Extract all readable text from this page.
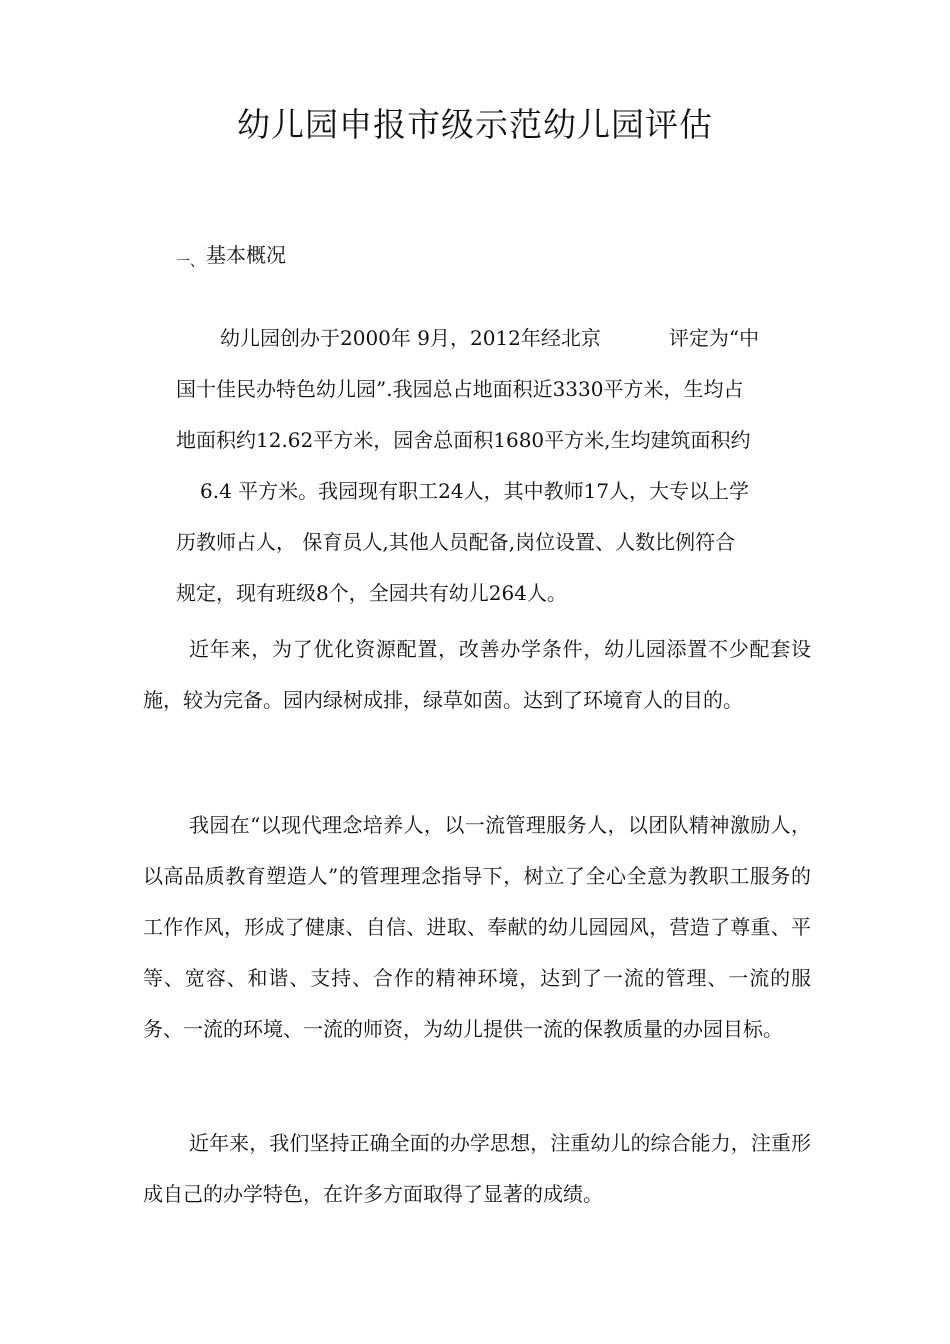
幼儿园申报市级示范幼儿园评估
$_{一、}$ 基本概况

幼儿园创办于2000年 9月，2012年经北京	评定为“中
国十佳民办特色幼儿园”.我园总占地面积近3330平方米，生均占
地面积约12.62平方米，园舍总面积1680平方米,生均建筑面积约
6.4 平方米。我园现有职工24人，其中教师17人，大专以上学
历教师占人， 保育员人,其他人员配备,岗位设置、人数比例符合
规定，现有班级8个，全园共有幼儿264人。

近年来，为了优化资源配置，改善办学条件，幼儿园添置不少配套设施，较为完备。园内绿树成排，绿草如茵。达到了环境育人的目的。

我园在“以现代理念培养人，以一流管理服务人，以团队精神激励人，以高品质教育塑造人”的管理理念指导下，树立了全心全意为教职工服务的工作作风，形成了健康、自信、进取、奉献的幼儿园园风，营造了尊重、平等、宽容、和谐、支持、合作的精神环境，达到了一流的管理、一流的服务、一流的环境、一流的师资，为幼儿提供一流的保教质量的办园目标。

近年来，我们坚持正确全面的办学思想，注重幼儿的综合能力，注重形成自己的办学特色，在许多方面取得了显著的成绩。
